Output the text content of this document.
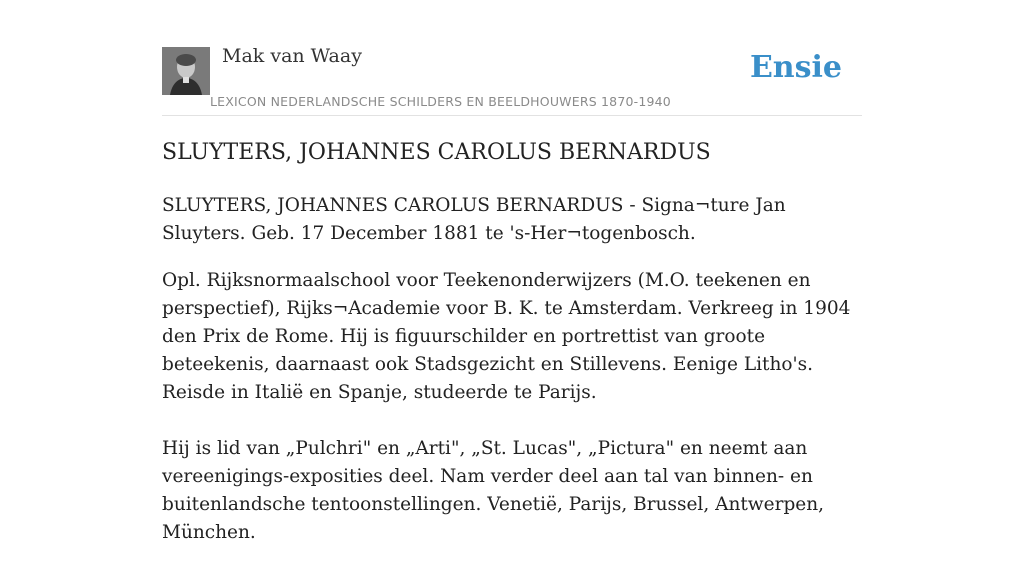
Mak van Waay
LEXICON NEDERLANDSCHE SCHILDERS EN BEELDHOUWERS 1870-1940
Ensie
SLUYTERS, JOHANNES CAROLUS BERNARDUS

SLUYTERS, JOHANNES CAROLUS BERNARDUS - Signa¬ture Jan Sluyters. Geb. 17 December 1881 te 's-Her¬togenbosch.

Opl. Rijksnormaalschool voor Teekenonderwijzers (M.O. teekenen en perspectief), Rijks¬Academie voor B. K. te Amsterdam. Verkreeg in 1904 den Prix de Rome. Hij is figuurschilder en portrettist van groote beteekenis, daarnaast ook Stadsgezicht en Stillevens. Eenige Litho's. Reisde in Italië en Spanje, studeerde te Parijs.

Hij is lid van „Pulchri" en „Arti", „St. Lucas", „Pictura" en neemt aan vereenigings-exposities deel. Nam verder deel aan tal van binnen- en buitenlandsche tentoonstellingen. Venetië, Parijs, Brussel, Antwerpen, München.
